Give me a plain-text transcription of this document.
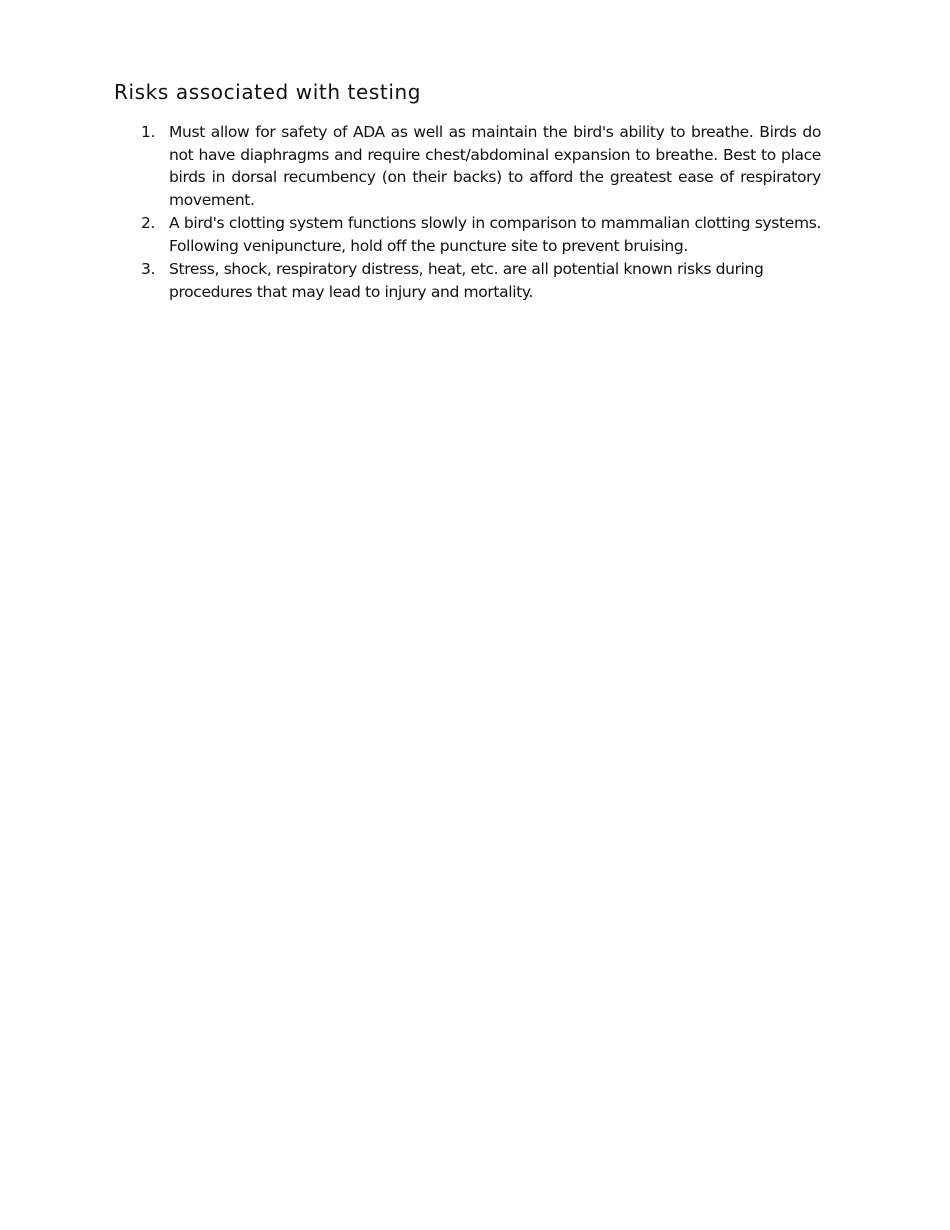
Risks associated with testing
1. Must allow for safety of ADA as well as maintain the bird's ability to breathe. Birds do not have diaphragms and require chest/abdominal expansion to breathe. Best to place birds in dorsal recumbency (on their backs) to afford the greatest ease of respiratory movement.
2. A bird's clotting system functions slowly in comparison to mammalian clotting systems. Following venipuncture, hold off the puncture site to prevent bruising.
3. Stress, shock, respiratory distress, heat, etc. are all potential known risks during procedures that may lead to injury and mortality.
